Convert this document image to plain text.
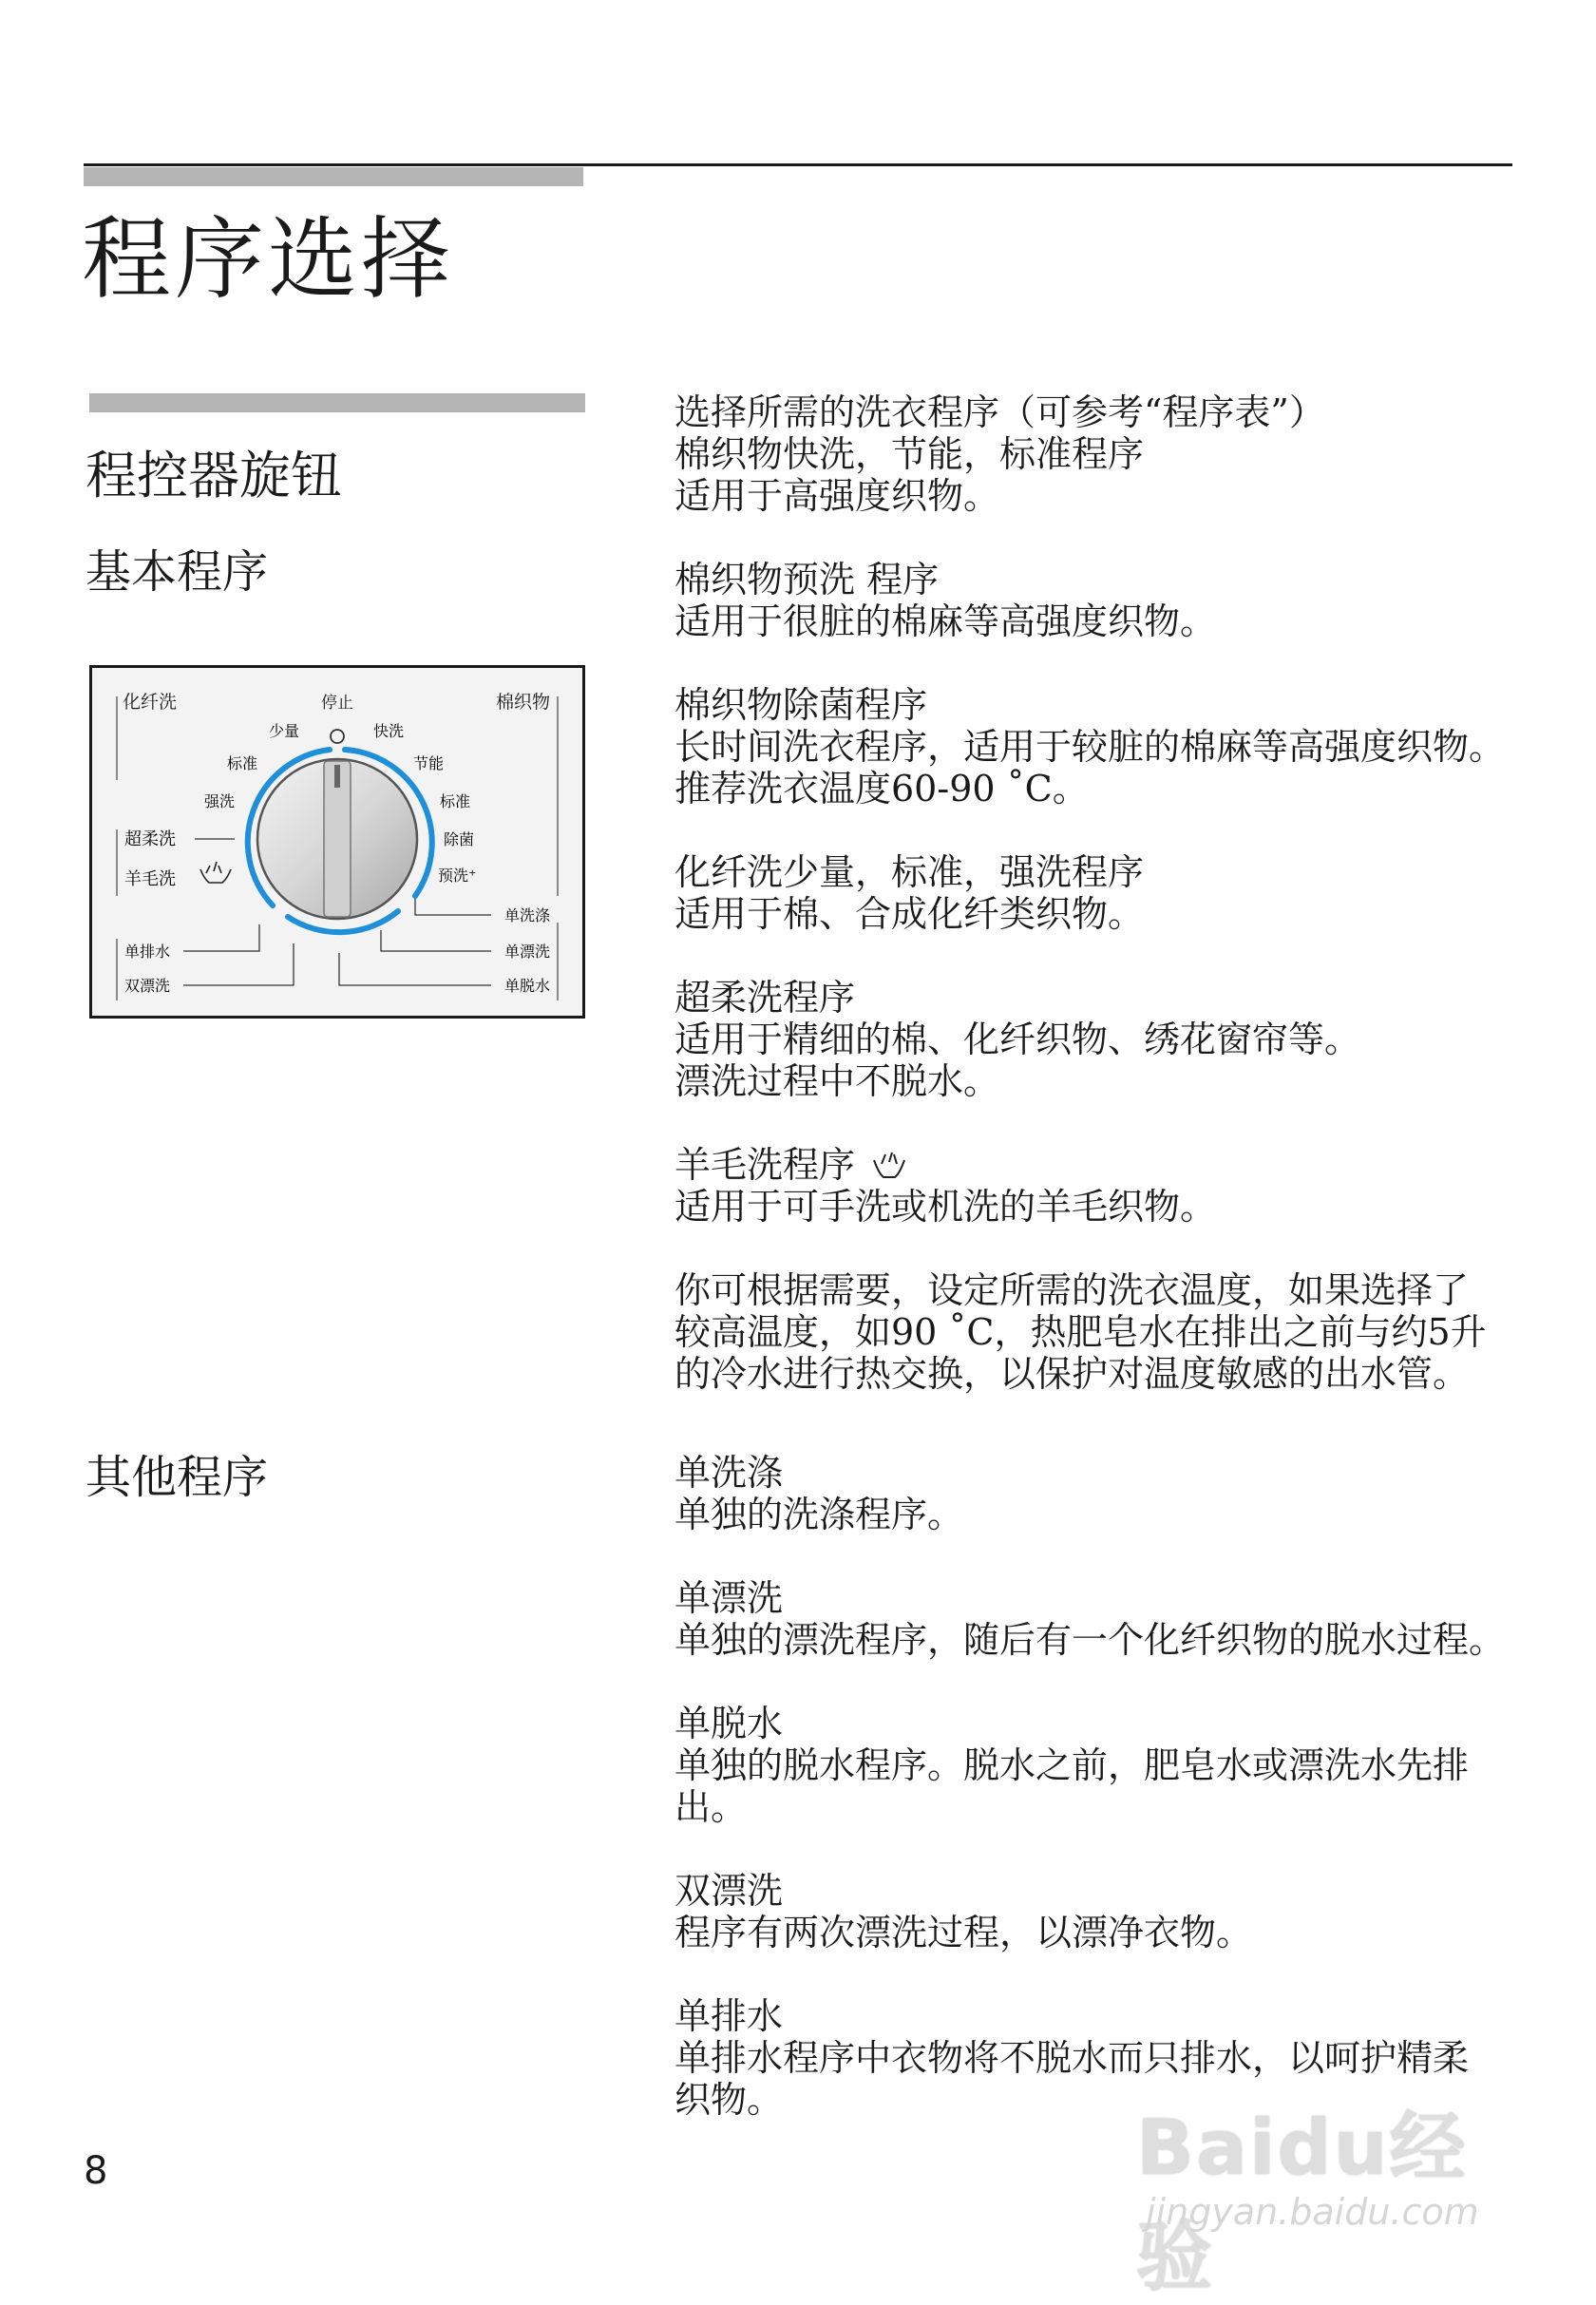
程序选择
程控器旋钮
基本程序
其他程序
化纤洗	棉织物
停止
少量
标准
强洗
快洗
节能
标准
除菌
预洗⁺
超柔洗
羊毛洗
单排水
双漂洗
单洗涤
单漂洗
单脱水

选择所需的洗衣程序（可参考“程序表”）
棉织物快洗，节能，标准程序
适用于高强度织物。

棉织物预洗 程序
适用于很脏的棉麻等高强度织物。

棉织物除菌程序
长时间洗衣程序，适用于较脏的棉麻等高强度织物。
推荐洗衣温度60-90 ˚C。

化纤洗少量，标准，强洗程序
适用于棉、合成化纤类织物。

超柔洗程序
适用于精细的棉、化纤织物、绣花窗帘等。
漂洗过程中不脱水。

羊毛洗程序
适用于可手洗或机洗的羊毛织物。

你可根据需要，设定所需的洗衣温度，如果选择了
较高温度，如90 ˚C，热肥皂水在排出之前与约5升
的冷水进行热交换，以保护对温度敏感的出水管。

单洗涤
单独的洗涤程序。

单漂洗
单独的漂洗程序，随后有一个化纤织物的脱水过程。

单脱水
单独的脱水程序。脱水之前，肥皂水或漂洗水先排
出。

双漂洗
程序有两次漂洗过程，以漂净衣物。

单排水
单排水程序中衣物将不脱水而只排水，以呵护精柔
织物。

8	Baidu经验
jingyan.baidu.com
